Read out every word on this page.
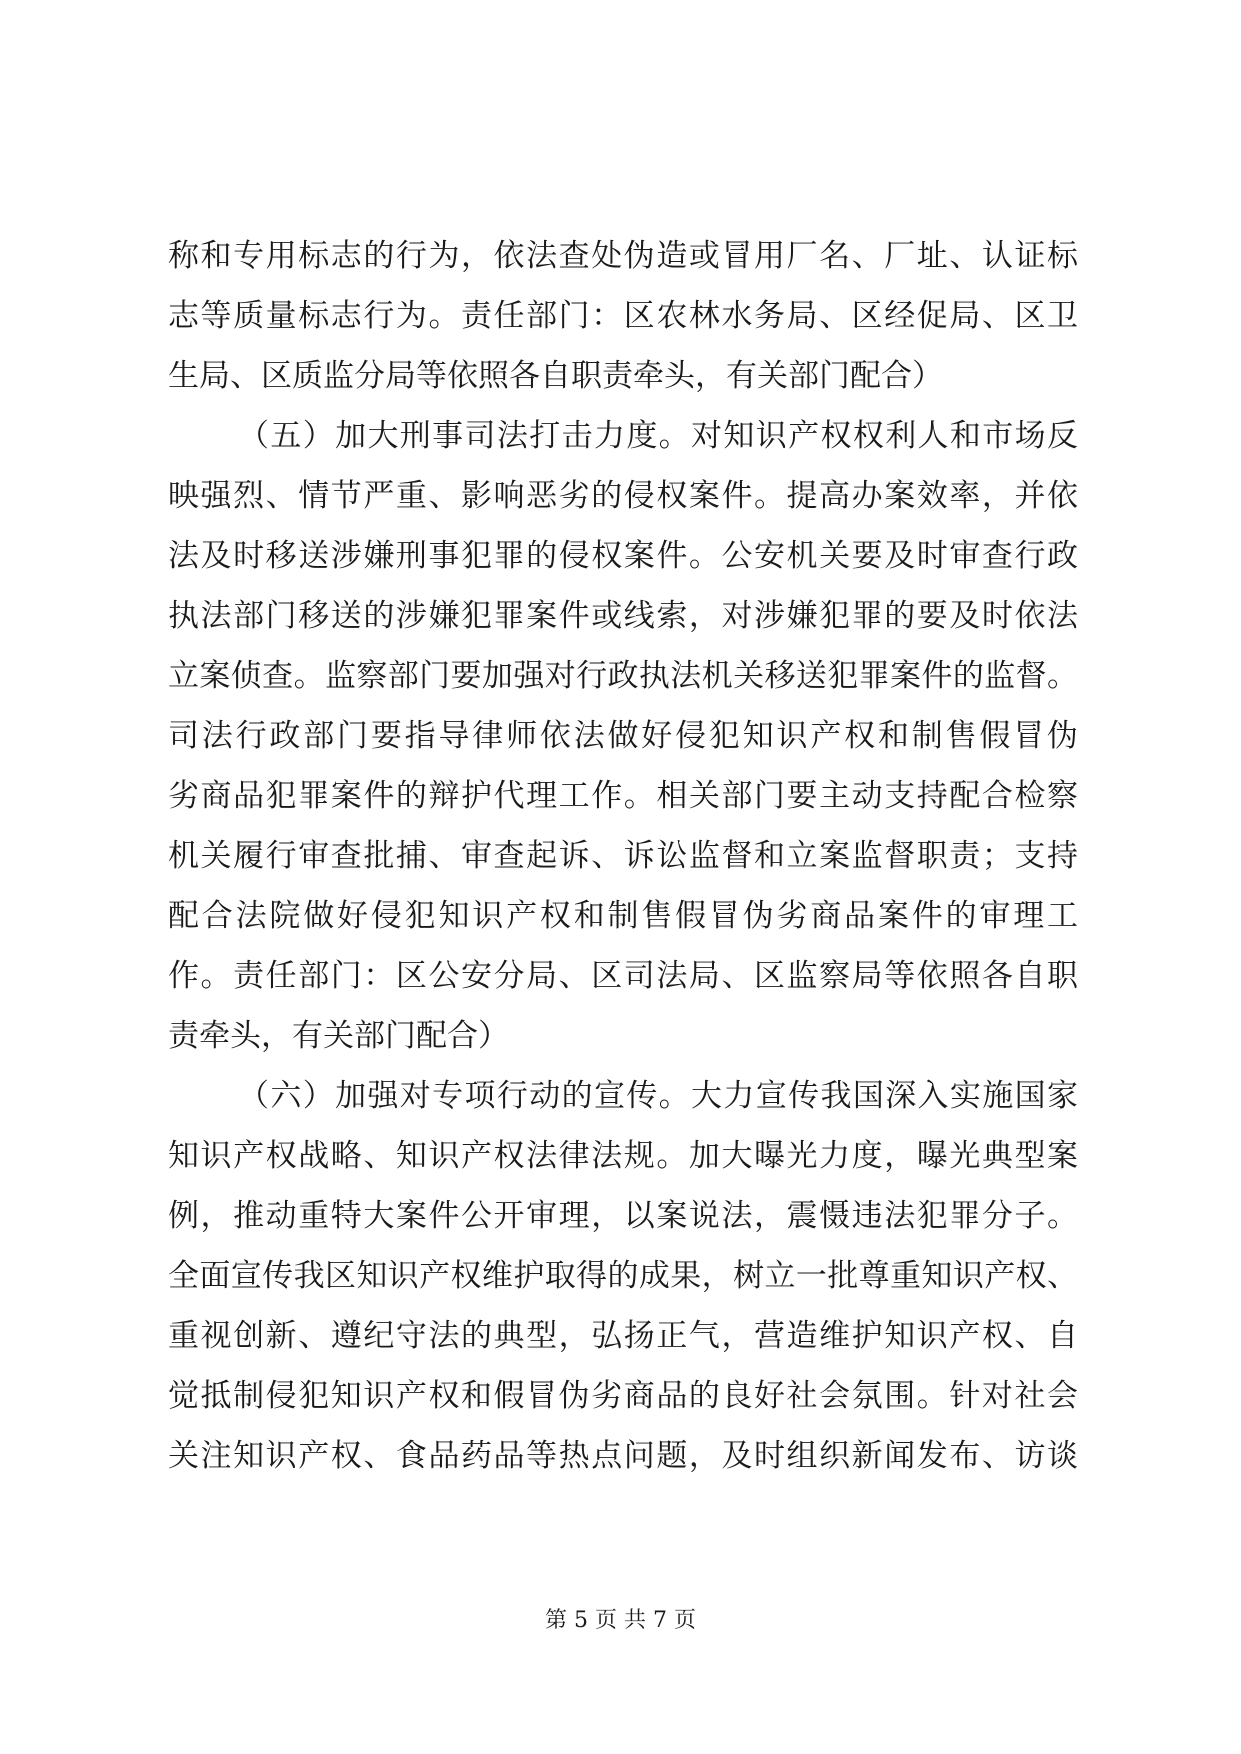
称和专用标志的行为，依法查处伪造或冒用厂名、厂址、认证标
志等质量标志行为。责任部门：区农林水务局、区经促局、区卫
生局、区质监分局等依照各自职责牵头，有关部门配合）
（五）加大刑事司法打击力度。对知识产权权利人和市场反
映强烈、情节严重、影响恶劣的侵权案件。提高办案效率，并依
法及时移送涉嫌刑事犯罪的侵权案件。公安机关要及时审查行政
执法部门移送的涉嫌犯罪案件或线索，对涉嫌犯罪的要及时依法
立案侦查。监察部门要加强对行政执法机关移送犯罪案件的监督。
司法行政部门要指导律师依法做好侵犯知识产权和制售假冒伪
劣商品犯罪案件的辩护代理工作。相关部门要主动支持配合检察
机关履行审查批捕、审查起诉、诉讼监督和立案监督职责；支持
配合法院做好侵犯知识产权和制售假冒伪劣商品案件的审理工
作。责任部门：区公安分局、区司法局、区监察局等依照各自职
责牵头，有关部门配合）
（六）加强对专项行动的宣传。大力宣传我国深入实施国家
知识产权战略、知识产权法律法规。加大曝光力度，曝光典型案
例，推动重特大案件公开审理，以案说法，震慑违法犯罪分子。
全面宣传我区知识产权维护取得的成果，树立一批尊重知识产权、
重视创新、遵纪守法的典型，弘扬正气，营造维护知识产权、自
觉抵制侵犯知识产权和假冒伪劣商品的良好社会氛围。针对社会
关注知识产权、食品药品等热点问题，及时组织新闻发布、访谈
第 5 页 共 7 页
